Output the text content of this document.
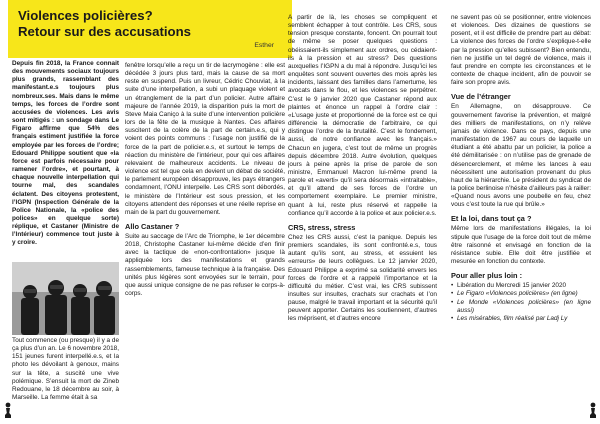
Violences policières?
Retour sur des accusations
Esther

Depuis fin 2018, la France connait des mouvements sociaux toujours plus grands, rassemblant des manifestant.e.s toujours plus nombreux.ses. Mais dans le même temps, les forces de l’ordre sont accusées de violences. Les avis sont mitigés : un sondage dans Le Figaro affirme que 54% des français estiment justifiée la force employée par les forces de l’ordre; Edouard Philippe soutient que «la force est parfois nécessaire pour ramener l’ordre», et pourtant, à chaque nouvelle interpellation qui tourne mal, des scandales éclatent. Des citoyens protestent, l’IGPN (Inspection Générale de la Police Nationale, la «police des polices» en quelque sorte) réplique, et Castaner (Ministre de l’Intérieur) commence tout juste à y croire.

Tout commence (ou presque) il y a de ça plus d’un an. Le 6 novembre 2018, 151 jeunes furent interpellé.e.s, et la photo les dévoilant à genoux, mains sur la tête, a suscité une vive polémique. S’ensuit la mort de Zineb Redouane, le 18 décembre au soir, à Marseille. La femme était à sa

fenêtre lorsqu’elle a reçu un tir de lacrymogène : elle est décédée 3 jours plus tard, mais la cause de sa mort reste en suspend. Puis un livreur, Cédric Chouviat, à la suite d’une interpellation, a subi un plaquage violent et un étranglement de la part d’un policier. Autre affaire majeure de l’année 2019, la disparition puis la mort de Steve Maia Caniço à la suite d’une intervention policière lors de la fête de la musique à Nantes. Ces affaires suscitent de la colère de la part de certain.e.s, qui y voient des points communs : l’usage non justifié de la force de la part de policier.e.s, et surtout le temps de réaction du ministère de l’intérieur, pour qui ces affaires relevaient de malheureux accidents. Le niveau de violence est tel que cela en devient un débat de société, le parlement européen désapprouve, les pays étrangers condamnent, l’ONU interpelle. Les CRS sont débordés, le ministère de l’Intérieur est sous pression, et les citoyens attendent des réponses et une réelle reprise en main de la part du gouvernement.

Allo Castaner ?

Suite au saccage de l’Arc de Triomphe, le 1er décembre 2018, Christophe Castaner lui-même décide d’en finir avec la tactique de «non-confrontation» jusque là appliquée lors des manifestations et grands rassemblements, fameuse technique à la française. Des unités plus légères sont envoyées sur le terrain, pour que aussi unique consigne de ne pas refuser le corps-à-corps.

A partir de là, les choses se compliquent et semblent échapper à tout contrôle. Les CRS, sous tension presque constante, foncent. On pourrait tout de même se poser quelques questions : obéissaient-ils simplement aux ordres, ou cédaient-ils à la pression et au stress? Des questions auxquelles l’IGPN a du mal à répondre. Jusqu’ici les enquêtes sont souvent ouvertes des mois après les incidents, laissant des familles dans l’amertume, les avocats dans le flou, et les violences se perpétrer. C’est le 9 janvier 2020 que Castaner répond aux plaintes et énonce un rappel à l’ordre clair : «L’usage juste et proportionné de la force est ce qui différencie la démocratie de l’arbitraire, ce qui distingue l’ordre de la brutalité. C’est le fondement, aussi, de notre confiance avec les français.» Chacun en jugera, c’est tout de même un progrès depuis décembre 2018. Autre évolution, quelques jours à peine après la prise de parole de son ministre, Emmanuel Macron lui-même prend la parole et «averti» qu’il sera désormais «intraitable», et qu’il attend de ses forces de l’ordre un comportement exemplaire. Le premier ministre, quant à lui, reste plus réservé et rappelle la confiance qu’il accorde à la police et aux policier.e.s.

CRS, stress, stress

Chez les CRS aussi, c’est la panique. Depuis les premiers scandales, ils sont confronté.e.s, tous autant qu’ils sont, au stress, et essuient les «erreurs» de leurs collègues. Le 12 janvier 2020, Edouard Philippe a exprimé sa solidarité envers les forces de l’ordre et a rappelé l’importance et la difficulté du métier. C’est vrai, les CRS subissent insultes sur insultes, crachats sur crachats et l’on pause, malgré le travail important et la sécurité qu’il peuvent apporter. Certains les soutiennent, d’autres les méprisent, et d’autres encore

ne savent pas où se positionner, entre violences et violences. Des dizaines de questions se posent, et il est difficile de prendre part au débat: La violence des forces de l’ordre s’explique-t-elle par la pression qu’elles subissent? Bien entendu, rien ne justifie un tel degré de violence, mais il faut prendre en compte les circonstances et le contexte de chaque incident, afin de pouvoir se faire son propre avis.

Vue de l’étranger

En Allemagne, on désapprouve. Ce gouvernement favorise la prévention, et malgré des milliers de manifestations, on n’y relève jamais de violence. Dans ce pays, depuis une manifestation de 1967 au cours de laquelle un étudiant a été abattu par un policier, la police a été démilitarisée : on n’utilise pas de grenade de désencerclement, et même les lances à eau nécessitent une autorisation provenant du plus haut de la hiérarchie. Le président du syndicat de la police berlinoise n’hésite d’ailleurs pas à railler: «Quand nous avons une poubelle en feu, chez vous c’est toute la rue qui brûle.»

Et la loi, dans tout ça ?

Même lors de manifestations illégales, la loi stipule que l’usage de la force doit tout de même être raisonné et envisagé en fonction de la résistance subie. Elle doit être justifiée et mesurée en fonction du contexte.

Pour aller plus loin :
• Libération du Mercredi 15 janvier 2020
• Le Figaro «Violences policières» (en ligne)
• Le Monde «Violences policières» (en ligne aussi)
• Les misérables, film réalisé par Ladj Ly
